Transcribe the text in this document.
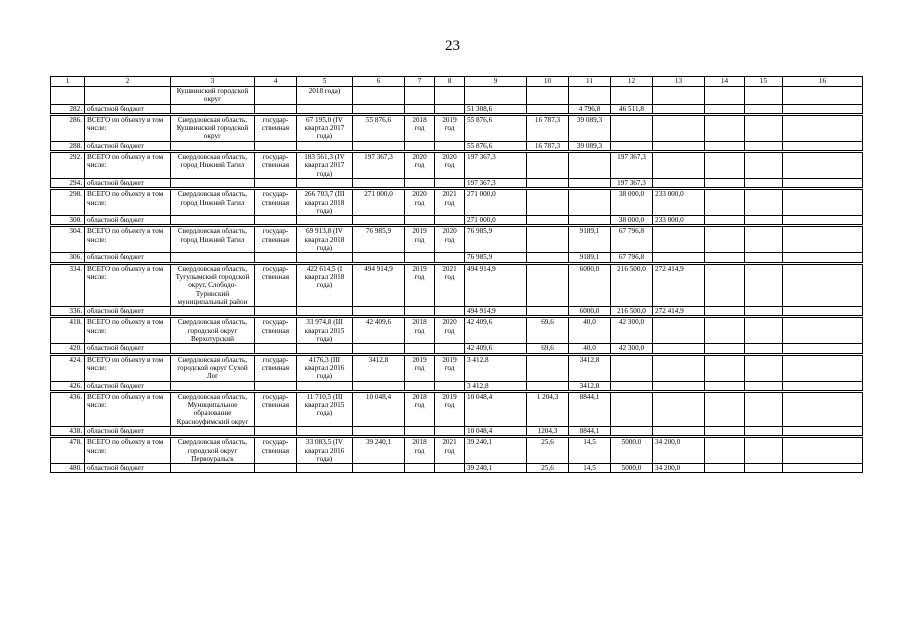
23
1	2	3	4	5	6	7	8	9	10	11	12	13	14	15	16
		Кушвинский городской округ		2018 года)											
282.	областной бюджет							51 308,6		4 796,8	46 511,8				

286.	ВСЕГО по объекту в том числе:	Свердловская область, Кушвинский городской округ	государ-ственная	67 195,0 (IV квартал 2017 года)	55 876,6	2018 год	2019 год	55 876,6	16 787,3	39 089,3					
288.	областной бюджет							55 876,6	16 787,3	39 089,3					

292.	ВСЕГО по объекту в том числе:	Свердловская область, город Нижний Тагил	государ-ственная	183 561,3 (IV квартал 2017 года)	197 367,3	2020 год	2020 год	197 367,3			197 367,3				
294.	областной бюджет							197 367,3			197 367,3				

298.	ВСЕГО по объекту в том числе:	Свердловская область, город Нижний Тагил	государ-ственная	266 703,7 (III квартал 2018 года)	271 000,0	2020 год	2021 год	271 000,0			38 000,0	233 000,0			
300.	областной бюджет							271 000,0			38 000,0	233 000,0			

304.	ВСЕГО по объекту в том числе:	Свердловская область, город Нижний Тагил	государ-ственная	69 913,8 (IV квартал 2018 года)	76 985,9	2019 год	2020 год	76 985,9		9189,1	67 796,8				
306.	областной бюджет							76 985,9		9189,1	67 796,8				

334.	ВСЕГО по объекту в том числе:	Свердловская область, Тугулымский городской округ, Слободо-Туринский муниципальный район	государ-ственная	422 614,5 (I квартал 2018 года)	494 914,9	2019 год	2021 год	494 914,9		6000,0	216 500,0	272 414,9			
336.	областной бюджет							494 914,9		6000,0	216 500,0	272 414,9			

418.	ВСЕГО по объекту в том числе:	Свердловская область, городской округ Верхотурский	государ-ственная	33 974,8 (III квартал 2015 года)	42 409,6	2018 год	2020 год	42 409,6	69,6	40,0	42 300,0				
420.	областной бюджет							42 409,6	69,6	40,0	42 300,0				

424.	ВСЕГО по объекту в том числе:	Свердловская область, городской округ Сухой Лог	государ-ственная	4176,3 (III квартал 2016 года)	3412,8	2019 год	2019 год	3 412,8		3412,8					
426.	областной бюджет							3 412,8		3412,8					

436.	ВСЕГО по объекту в том числе:	Свердловская область, Муниципальное образование Красноуфимский округ	государ-ственная	11 710,5 (III квартал 2015 года)	10 048,4	2018 год	2019 год	10 048,4	1 204,3	8844,1					
438.	областной бюджет							10 048,4	1204,3	8844,1					

478.	ВСЕГО по объекту в том числе:	Свердловская область, городской округ Первоуральск	государ-ственная	33 083,5 (IV квартал 2016 года)	39 240,1	2018 год	2021 год	39 240,1	25,6	14,5	5000,0	34 200,0			
480.	областной бюджет							39 240,1	25,6	14,5	5000,0	34 200,0			
